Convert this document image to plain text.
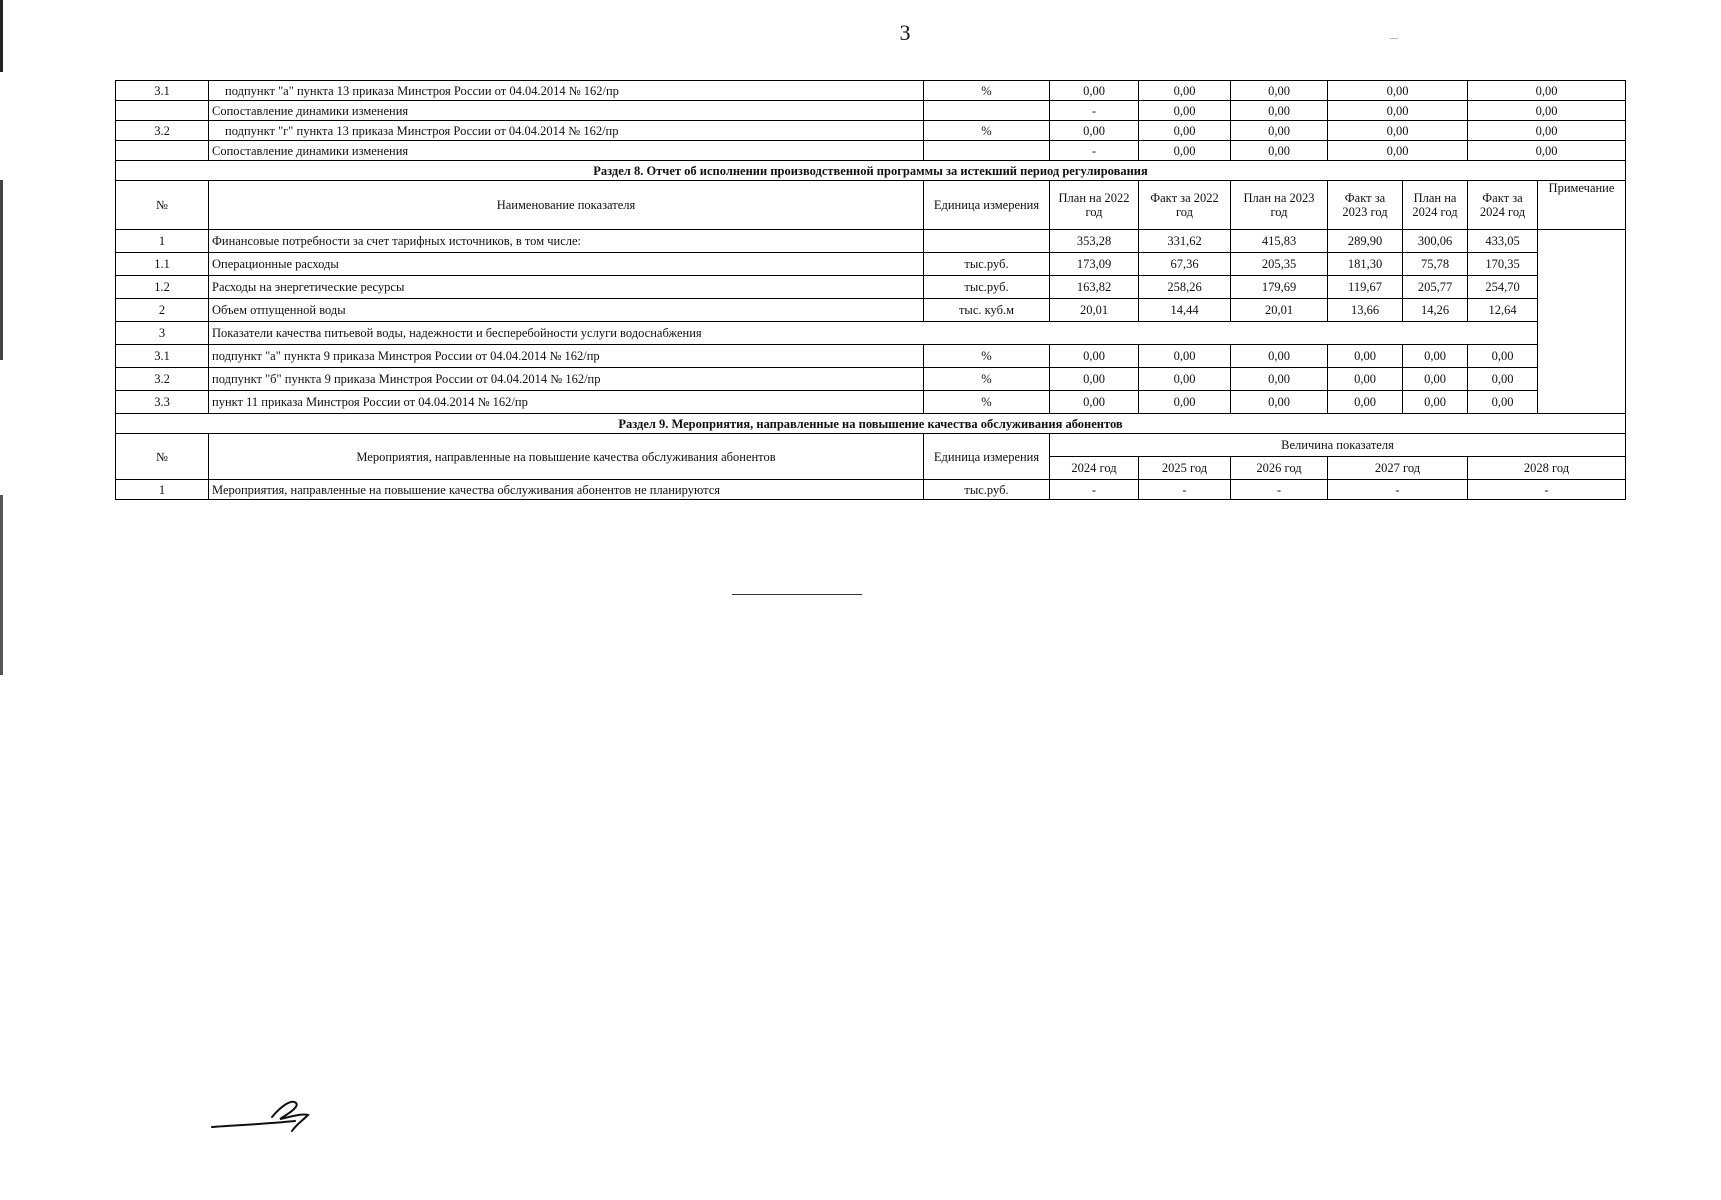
3
3.1	подпункт "а" пункта 13 приказа Минстроя России от 04.04.2014 № 162/пр	%	0,00	0,00	0,00	0,00		0,00	
	Сопоставление динамики изменения		-	0,00	0,00	0,00		0,00	
3.2	подпункт "г" пункта 13 приказа Минстроя России от 04.04.2014 № 162/пр	%	0,00	0,00	0,00	0,00		0,00	
	Сопоставление динамики изменения		-	0,00	0,00	0,00		0,00	
Раздел 8. Отчет об исполнении производственной программы за истекший период регулирования									
№	Наименование показателя	Единица измерения	План на 2022 год	Факт за 2022 год	План на 2023 год	Факт за 2023 год	План на 2024 год	Факт за 2024 год	Примечание
1	Финансовые потребности за счет тарифных источников, в том числе:		353,28	331,62	415,83	289,90	300,06	433,05	
1.1	Операционные расходы	тыс.руб.	173,09	67,36	205,35	181,30	75,78	170,35	
1.2	Расходы на энергетические ресурсы	тыс.руб.	163,82	258,26	179,69	119,67	205,77	254,70	
2	Объем отпущенной воды	тыс. куб.м	20,01	14,44	20,01	13,66	14,26	12,64	
3	Показатели качества питьевой воды, надежности и бесперебойности услуги водоснабжения								
3.1	подпункт "а" пункта 9 приказа Минстроя России от 04.04.2014 № 162/пр	%	0,00	0,00	0,00	0,00	0,00	0,00	
3.2	подпункт "б" пункта 9 приказа Минстроя России от 04.04.2014 № 162/пр	%	0,00	0,00	0,00	0,00	0,00	0,00	
3.3	пункт 11 приказа Минстроя России от 04.04.2014 № 162/пр	%	0,00	0,00	0,00	0,00	0,00	0,00	
Раздел 9. Мероприятия, направленные на повышение качества обслуживания абонентов									
№	Мероприятия, направленные на повышение качества обслуживания абонентов	Единица измерения	Величина показателя						
			2024 год	2025 год	2026 год	2027 год		2028 год	
1	Мероприятия, направленные на повышение качества обслуживания абонентов не планируются	тыс.руб.	-	-	-	-		-	
